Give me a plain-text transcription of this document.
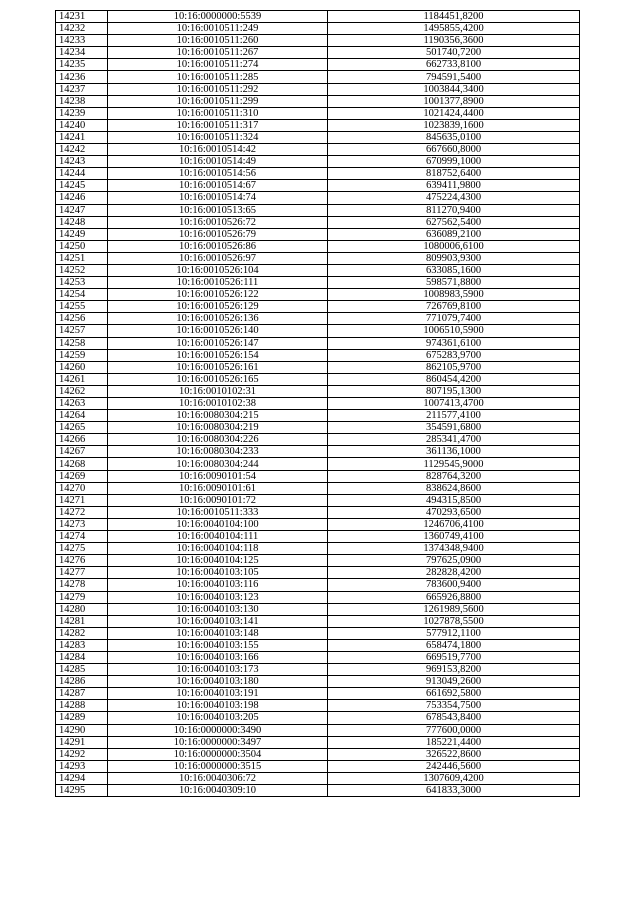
14231	10:16:0000000:5539	1184451,8200
14232	10:16:0010511:249	1495855,4200
14233	10:16:0010511:260	1190356,3600
14234	10:16:0010511:267	501740,7200
14235	10:16:0010511:274	662733,8100
14236	10:16:0010511:285	794591,5400
14237	10:16:0010511:292	1003844,3400
14238	10:16:0010511:299	1001377,8900
14239	10:16:0010511:310	1021424,4400
14240	10:16:0010511:317	1023839,1600
14241	10:16:0010511:324	845635,0100
14242	10:16:0010514:42	667660,8000
14243	10:16:0010514:49	670999,1000
14244	10:16:0010514:56	818752,6400
14245	10:16:0010514:67	639411,9800
14246	10:16:0010514:74	475224,4300
14247	10:16:0010513:65	811270,9400
14248	10:16:0010526:72	627562,5400
14249	10:16:0010526:79	636089,2100
14250	10:16:0010526:86	1080006,6100
14251	10:16:0010526:97	809903,9300
14252	10:16:0010526:104	633085,1600
14253	10:16:0010526:111	598571,8800
14254	10:16:0010526:122	1008983,5900
14255	10:16:0010526:129	726769,8100
14256	10:16:0010526:136	771079,7400
14257	10:16:0010526:140	1006510,5900
14258	10:16:0010526:147	974361,6100
14259	10:16:0010526:154	675283,9700
14260	10:16:0010526:161	862105,9700
14261	10:16:0010526:165	860454,4200
14262	10:16:0010102:31	807195,1300
14263	10:16:0010102:38	1007413,4700
14264	10:16:0080304:215	211577,4100
14265	10:16:0080304:219	354591,6800
14266	10:16:0080304:226	285341,4700
14267	10:16:0080304:233	361136,1000
14268	10:16:0080304:244	1129545,9000
14269	10:16:0090101:54	828764,3200
14270	10:16:0090101:61	838624,8600
14271	10:16:0090101:72	494315,8500
14272	10:16:0010511:333	470293,6500
14273	10:16:0040104:100	1246706,4100
14274	10:16:0040104:111	1360749,4100
14275	10:16:0040104:118	1374348,9400
14276	10:16:0040104:125	797625,0900
14277	10:16:0040103:105	282828,4200
14278	10:16:0040103:116	783600,9400
14279	10:16:0040103:123	665926,8800
14280	10:16:0040103:130	1261989,5600
14281	10:16:0040103:141	1027878,5500
14282	10:16:0040103:148	577912,1100
14283	10:16:0040103:155	658474,1800
14284	10:16:0040103:166	669519,7700
14285	10:16:0040103:173	969153,8200
14286	10:16:0040103:180	913049,2600
14287	10:16:0040103:191	661692,5800
14288	10:16:0040103:198	753354,7500
14289	10:16:0040103:205	678543,8400
14290	10:16:0000000:3490	777600,0000
14291	10:16:0000000:3497	185221,4400
14292	10:16:0000000:3504	326522,8600
14293	10:16:0000000:3515	242446,5600
14294	10:16:0040306:72	1307609,4200
14295	10:16:0040309:10	641833,3000
